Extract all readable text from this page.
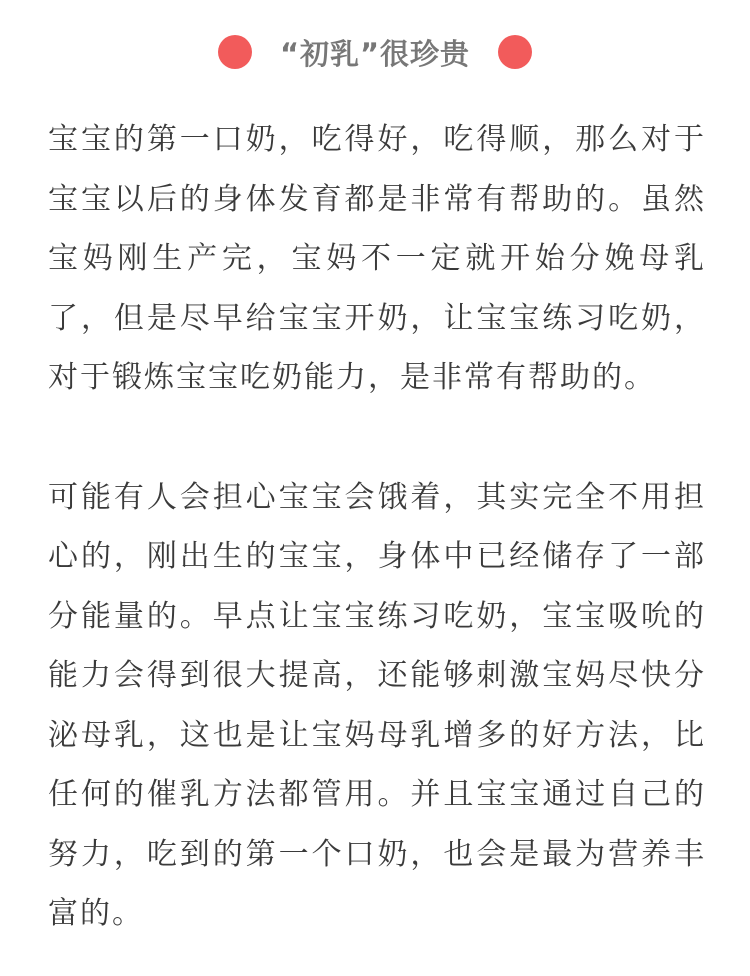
“初乳”很珍贵

宝宝的第一口奶，吃得好，吃得顺，那么对于宝宝以后的身体发育都是非常有帮助的。虽然宝妈刚生产完，宝妈不一定就开始分娩母乳了，但是尽早给宝宝开奶，让宝宝练习吃奶，对于锻炼宝宝吃奶能力，是非常有帮助的。

可能有人会担心宝宝会饿着，其实完全不用担心的，刚出生的宝宝，身体中已经储存了一部分能量的。早点让宝宝练习吃奶，宝宝吸吮的能力会得到很大提高，还能够刺激宝妈尽快分泌母乳，这也是让宝妈母乳增多的好方法，比任何的催乳方法都管用。并且宝宝通过自己的努力，吃到的第一个口奶，也会是最为营养丰富的。
